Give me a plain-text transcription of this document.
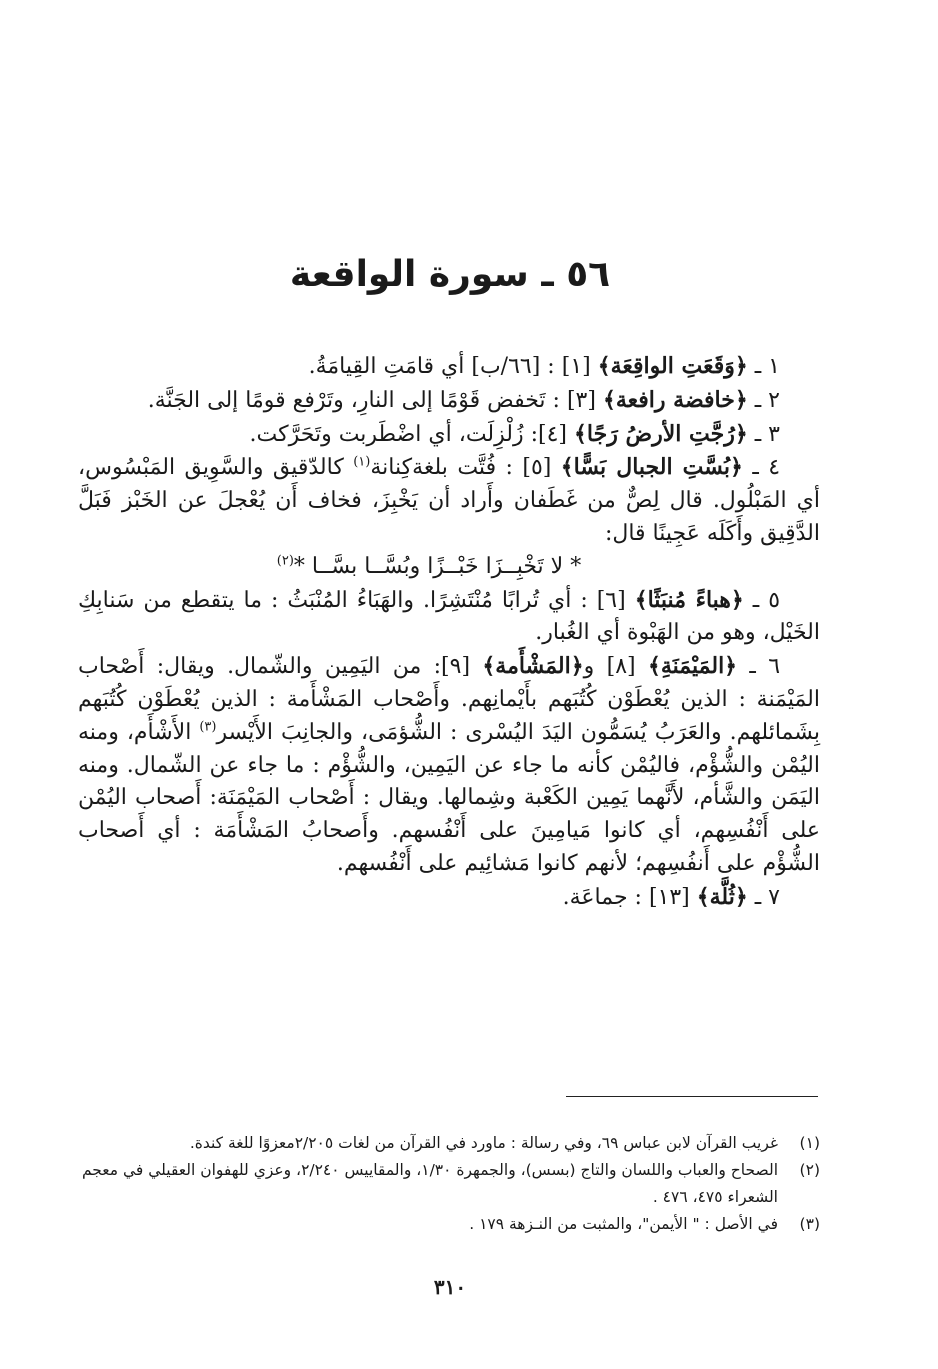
٥٦ ـ سورة الواقعة

١ ـ ﴿وَقَعَتِ الواقِعَة﴾ [١] : [٦٦/ب] أي قامَتِ القِيامَةُ.

٢ ـ ﴿خافضة رافعة﴾ [٣] : تَخفض قَوْمًا إلى النارِ، وتَرْفع قومًا إلى الجَنَّة.

٣ ـ ﴿رُجَّتِ الأرضُ رَجًا﴾ [٤]: زُلْزِلَت، أي اضْطَربت وتَحَرَّكت.

٤ ـ ﴿بُسَّتِ الجبال بَسًّا﴾ [٥] : فُتَّت بلغةكِنانة$^{(١)}$ كالدّقيق والسَّوِيق المَبْسُوس، أي المَبْلُول. قال لِصٌّ من غَطَفان وأَراد أن يَخْبِزَ، فخاف أَن يُعْجلَ عن الخَبْز فَبَلَّ الدَّقِيق وأَكَلَه عَجِينًا قال:

* لا تَخْبِــزَا خَبْــزًا وبُسَّــا بسَّــا *$^{(٢)}$

٥ ـ ﴿هباءً مُنبَثًا﴾ [٦] : أي تُرابًا مُنْتَشِرًا. والهَبَاءُ المُنْبَثُ : ما يتقطع من سَنابِكِ الخَيْل، وهو من الهَبْوة أي الغُبار.

٦ ـ ﴿المَيْمَنَةِ﴾ [٨] و﴿المَشْأَمة﴾ [٩]: من اليَمِين والشّمال. ويقال: أَصْحاب المَيْمَنة : الذين يُعْطَوْن كُتُبَهم بأَيْمانِهم. وأَصْحاب المَشْأَمة : الذين يُعْطَوْن كُتُبَهم بِشَمائلهم. والعَرَبُ يُسَمُّون اليَدَ اليُسْرى : الشُّؤمَى، والجانِبَ الأَيْسر$^{(٣)}$ الأَشْأَم، ومنه اليُمْن والشُّؤْم، فاليُمْن كأنه ما جاء عن اليَمِين، والشُّؤْم : ما جاء عن الشّمال. ومنه اليَمَن والشَّأم، لأَنَّهما يَمِين الكَعْبة وشِمالها. ويقال : أَصْحاب المَيْمَنَة: أَصحاب اليُمْن على أَنْفُسِهم، أي كانوا مَيامِينَ على أَنْفُسهم. وأَصحابُ المَشْأَمَة : أي أَصحاب الشُّؤْم على أَنفُسِهم؛ لأنهم كانوا مَشائِيم على أَنْفُسهم.

٧ ـ ﴿ثُلَّة﴾ [١٣] : جماعَة.

(١)
غريب القرآن لابن عباس ٦٩، وفي رسالة : ماورد في القرآن من لغات ٢/٢٠٥معزوًا للغة كندة.
(٢)
الصحاح والعباب واللسان والتاج (بسس)، والجمهرة ١/٣٠، والمقاييس ٢/٢٤٠، وعزي للهفوان العقيلي في معجم الشعراء ٤٧٥، ٤٧٦ .
(٣)
في الأصل : " الأيمن"، والمثبت من النـزهة ١٧٩ .
٣١٠
